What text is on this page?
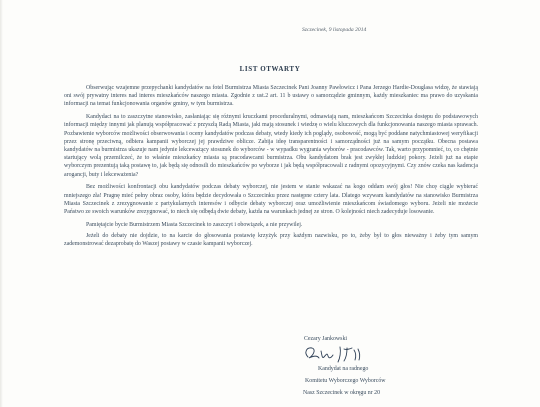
Szczecinek, 9 listopada 2014
LIST OTWARTY

Obserwując wzajemne przepychanki kandydatów na fotel Burmistrza Miasta Szczecinek Pani Joanny Pawłowicz i Pana Jerzego Hardie-Douglasa widzę, że stawiają oni swój prywatny interes nad interes mieszkańców naszego miasta. Zgodnie z ust.2 art. 11 b ustawy o samorządzie gminnym, każdy mieszkaniec ma prawo do uzyskania informacji na temat funkcjonowania organów gminy, w tym burmistrza.

Kandydaci na to zaszczytne stanowisko, zasłaniając się różnymi kruczkami proceduralnymi, odmawiają nam, mieszkańcom Szczecinka dostępu do podstawowych informacji między innymi jak planują współpracować z przyszłą Radą Miasta, jaki mają stosunek i wiedzę o wielu kluczowych dla funkcjonowania naszego miasta sprawach. Pozbawienie wyborców możliwości obserwowania i oceny kandydatów podczas debaty, wtedy kiedy ich poglądy, osobowość, mogą być poddane natychmiastowej weryfikacji przez stronę przeciwną, odbiera kampanii wyborczej jej prawdziwe oblicze. Zabija ideę transparentności i samorządności już na samym początku. Obecna postawa kandydatów na burmistrza ukazuje nam jedynie lekceważący stosunek do wyborców - w wypadku wygrania wyborów - pracodawców. Tak, warto przypomnieć, to, co chętnie startujący wolą przemilczeć, że to właśnie mieszkańcy miasta są pracodawcami burmistrza. Obu kandydatom brak jest zwykłej ludzkiej pokory. Jeżeli już na etapie wyborczym prezentują taką postawę to, jak będą się odnosili do mieszkańców po wyborze i jak będą współpracowali z radnymi opozycyjnymi. Czy znów czeka nas kadencja arogancji, buty i lekceważenia?

Bez możliwości konfrontacji obu kandydatów podczas debaty wyborczej, nie jestem w stanie wskazać na kogo oddam swój głos! Nie chcę ciągle wybierać mniejszego zła! Pragnę mieć pełny obraz osoby, która będzie decydowała o Szczecinku przez następne cztery lata. Dlatego wzywam kandydatów na stanowisko Burmistrza Miasta Szczecinek z zrezygnowanie z partykularnych interesów i odbycie debaty wyborczej oraz umożliwienie mieszkańcom świadomego wyboru. Jeżeli nie możecie Państwo ze swoich warunków zrezygnować, to niech się odbędą dwie debaty, każda na warunkach jednej ze stron. O kolejności niech zadecyduje losowanie.

Pamiętajcie bycie Burmistrzem Miasta Szczecinek to zaszczyt i obowiązek, a nie przywilej.

Jeżeli do debaty nie dojdzie, to na karcie do głosowania postawię krzyżyk przy każdym nazwisku, po to, żeby był to głos nieważny i żeby tym samym zademonstrować dezaprobatę do Waszej postawy w czasie kampanii wyborczej.

Cezary Jankowski
Kandydat na radnego
Komitetu Wyborczego Wyborców
Nasz Szczecinek w okręgu nr 20
